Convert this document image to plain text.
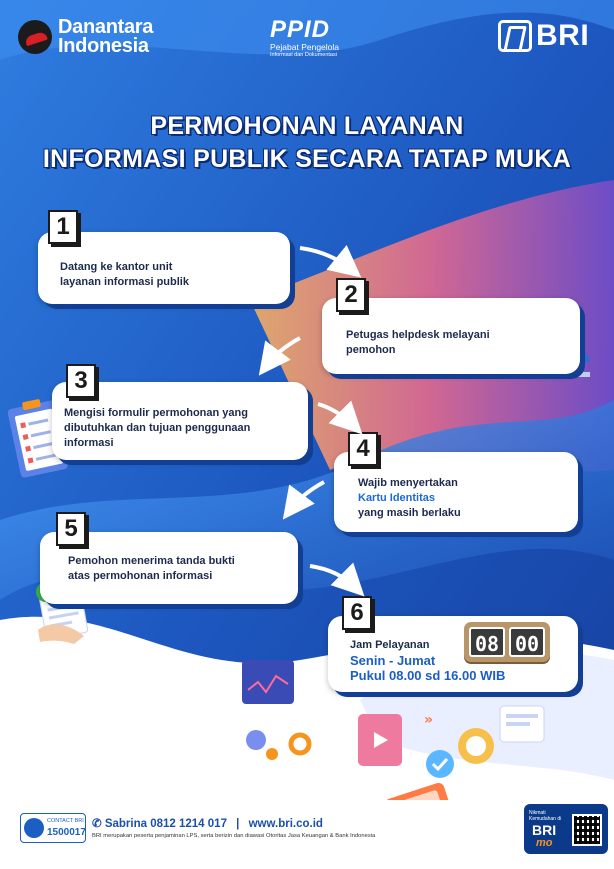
»
Danantara
Indonesia
PPID
Pejabat Pengelola
Informasi dan Dokumentasi
BRI
PERMOHONAN LAYANAN
INFORMASI PUBLIK SECARA TATAP MUKA
Datang ke kantor unit
layanan informasi publik
1
Petugas helpdesk melayani
pemohon
2
Mengisi formulir permohonan yang
dibutuhkan dan tujuan penggunaan
informasi
3
Wajib menyertakan
Kartu Identitas
yang masih berlaku
4
Pemohon menerima tanda bukti
atas permohonan informasi
5
Jam Pelayanan
Senin - Jumat
Pukul 08.00 sd 16.00 WIB
6
08 00
CONTACT BRI
1500017
✆ Sabrina 0812 1214 017 | www.bri.co.id
BRI merupakan peserta penjaminan LPS, serta berizin dan diawasi Otoritas Jasa Keuangan & Bank Indonesia
Nikmati
Kemudahan di
BRI
mo
